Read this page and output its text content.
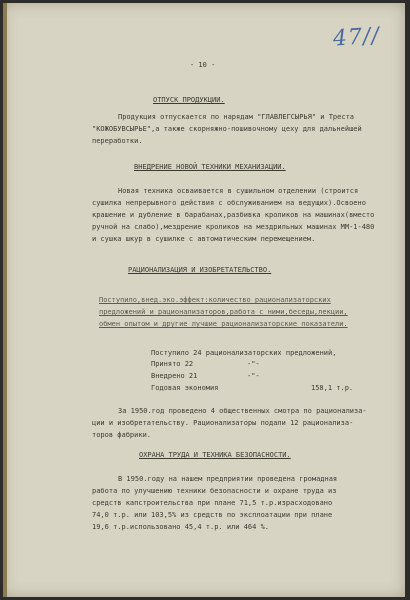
- 10 -

47//

ОТПУСК ПРОДУКЦИИ.

Продукция отпускается по нарядам "ГЛАВЛЕГСЫРЬЯ" и Треста

"КОЖОБУВСЫРЬЕ",а также скорняжно-пошивочному цеху для дальнейшей

переработки.

ВНЕДРЕНИЕ НОВОЙ ТЕХНИКИ МЕХАНИЗАЦИИ.

Новая техника осваивается в сушильном отделении (строится

сушилка непрерывного действия с обслуживанием на ведущих).Освоено

крашение и дубление в барабанах,разбивка кроликов на машинах(вместо

ручной на слабо),мездрение кроликов на мездрильных машинах ММ-1-480

и сушка шкур в сушилке с автоматическим перемещением.

РАЦИОНАЛИЗАЦИЯ И ИЗОБРЕТАТЕЛЬСТВО.

Поступило,внед.эко.эффект:количество рационализаторских

предложений и рационализаторов,работа с ними,беседы,лекции,

обмен опытом и другие лучшие рационализаторские показатели.

Поступило 24 рационализаторских предложений,

Принято 22	-"-

Внедрено 21	-"-

Годовая экономия	158,1 т.р.

За 1950.год проведено 4 общественных смотра по рационализа-

ции и изобретательству. Рационализаторы подали 12 рационализа-

торов фабрики.

ОХРАНА ТРУДА И ТЕХНИКА БЕЗОПАСНОСТИ.

В 1950.году на нашем предприятии проведена громадная

работа по улучшению техники безопасности и охране труда из

средств капстроительства при плане 71,5 т.р.израсходовано

74,0 т.р. или 103,5% из средств по эксплоатации при плане

19,6 т.р.использовано 45,4 т.р. или 464 %.
